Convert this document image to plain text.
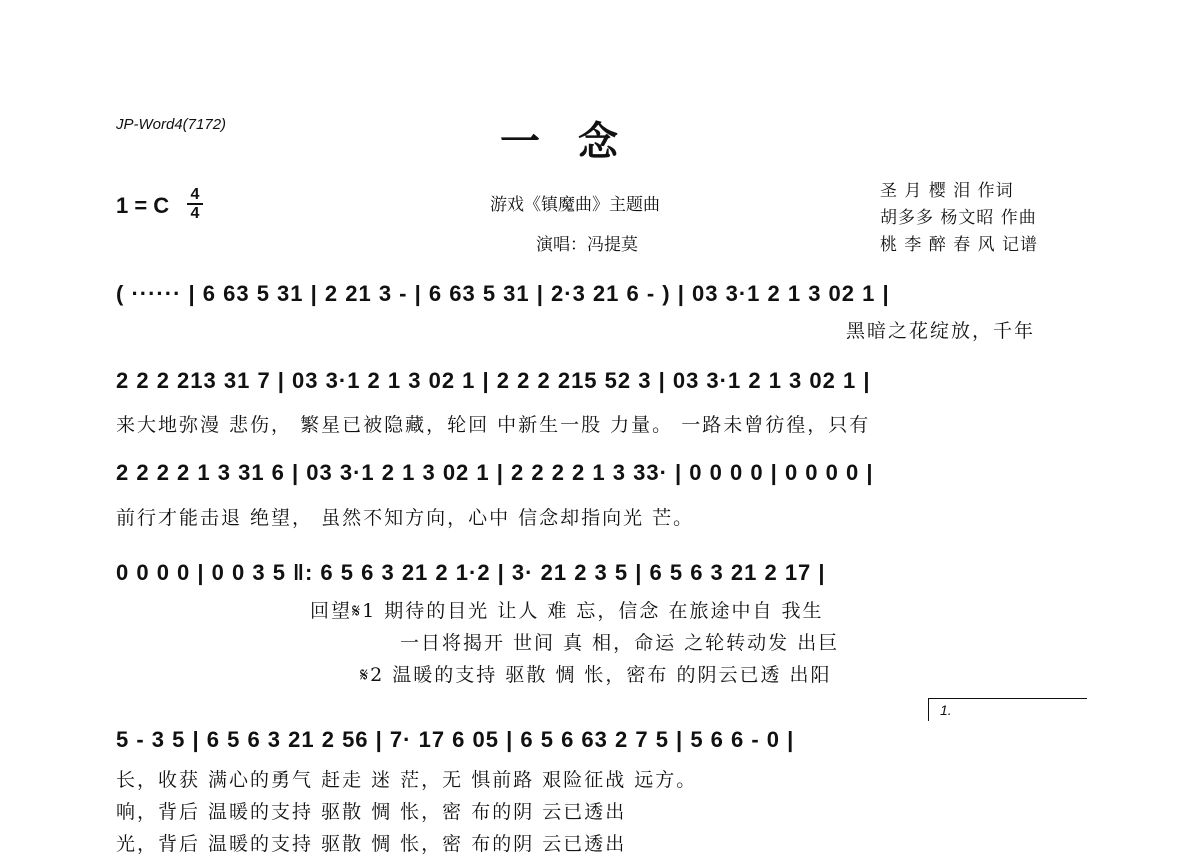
JP-Word4(7172)	一念
1 = C 4
4	游戏《镇魔曲》主题曲
演唱：冯提莫
圣 月 樱 泪 作词
胡多多 杨文昭 作曲
桃 李 醉 春 风 记谱
( ······ | 6 63 5 31 | 2 21 3 - | 6 63 5 31 | 2·3 21 6 - ) | 03 3·1 2 1 3 02 1 |
黑暗之花绽放，千年
2 2 2 213 31 7 | 03 3·1 2 1 3 02 1 | 2 2 2 215 52 3 | 03 3·1 2 1 3 02 1 |
来大地弥漫 悲伤， 繁星已被隐藏，轮回 中新生一股 力量。 一路未曾彷徨，只有
2 2 2 2 1 3 31 6 | 03 3·1 2 1 3 02 1 | 2 2 2 2 1 3 33· | 0 0 0 0 | 0 0 0 0 |
前行才能击退 绝望， 虽然不知方向，心中 信念却指向光 芒。
0 0 0 0 | 0 0 3 5 ‖: 6 5 6 3 21 2 1·2 | 3· 21 2 3 5 | 6 5 6 3 21 2 17 |
回望𝄋1 期待的目光 让人 难 忘，信念 在旅途中自 我生
一日将揭开 世间 真 相，命运 之轮转动发 出巨
𝄋2 温暖的支持 驱散 惆 怅，密布 的阴云已透 出阳
1.
5 - 3 5 | 6 5 6 3 21 2 56 | 7· 17 6 05 | 6 5 6 63 2 7 5 | 5 6 6 - 0 |
长，收获 满心的勇气 赶走 迷 茫，无 惧前路 艰险征战 远方。
响，背后 温暖的支持 驱散 惆 怅，密 布的阴 云已透出
光，背后 温暖的支持 驱散 惆 怅，密 布的阴 云已透出
